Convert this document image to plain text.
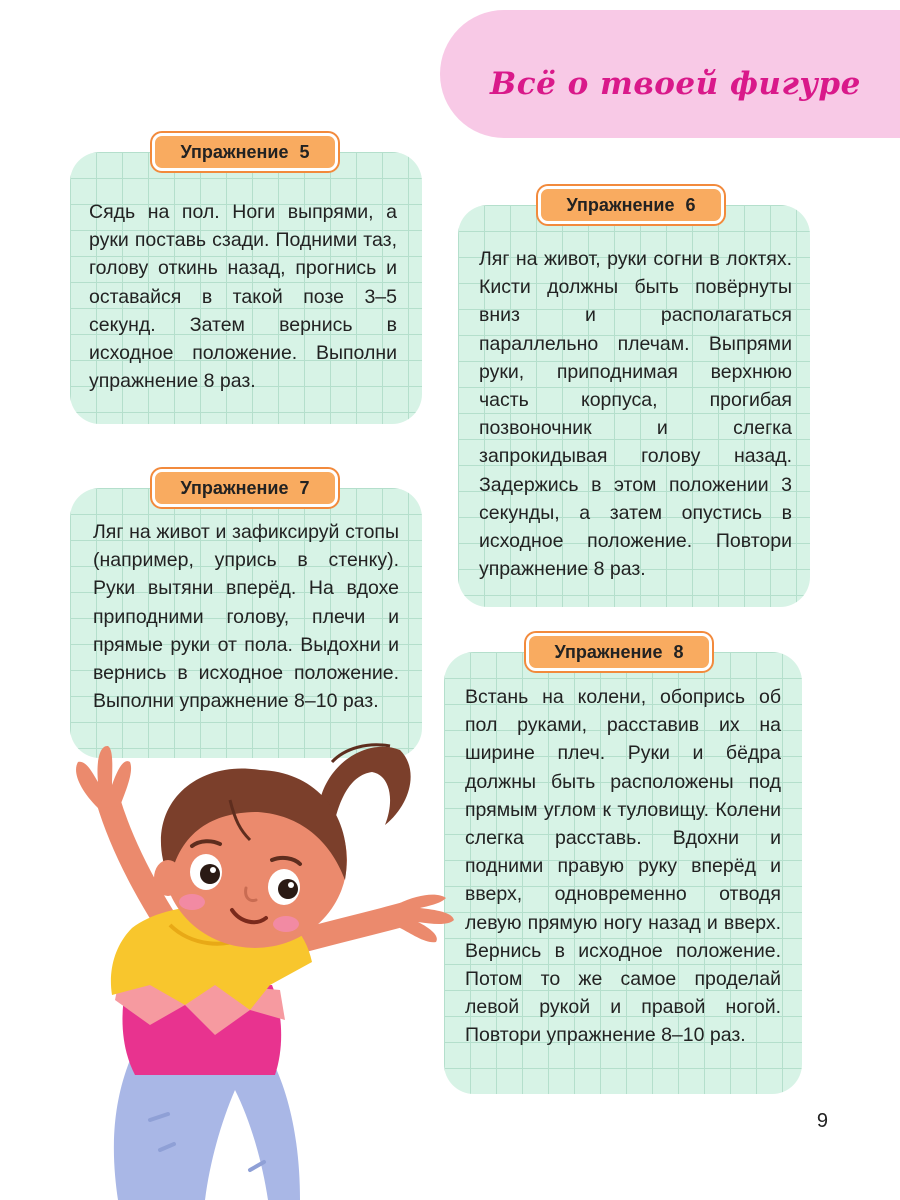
Всё о твоей фигуре
Упражнение 5

Сядь на пол. Ноги выпрями, а руки поставь сзади. Подними таз, голову откинь назад, прогнись и оставайся в такой позе 3–5 секунд. Затем вернись в исходное положение. Выполни упражнение 8 раз.

Упражнение 6

Ляг на живот, руки согни в локтях. Кисти должны быть повёрнуты вниз и располагаться параллельно плечам. Выпрями руки, приподнимая верхнюю часть корпуса, прогибая позвоночник и слегка запрокидывая голову назад. Задержись в этом положении 3 секунды, а затем опустись в исходное положение. Повтори упражнение 8 раз.

Упражнение 7

Ляг на живот и зафиксируй стопы (например, упрись в стенку). Руки вытяни вперёд. На вдохе приподними голову, плечи и прямые руки от пола. Выдохни и вернись в исходное положение. Выполни упражнение 8–10 раз.

Упражнение 8

Встань на колени, обопрись об пол руками, расставив их на ширине плеч. Руки и бёдра должны быть расположены под прямым углом к туловищу. Колени слегка расставь. Вдохни и подними правую руку вперёд и вверх, одновременно отводя левую прямую ногу назад и вверх. Вернись в исходное положение. Потом то же самое проделай левой рукой и правой ногой. Повтори упражнение 8–10 раз.

9
